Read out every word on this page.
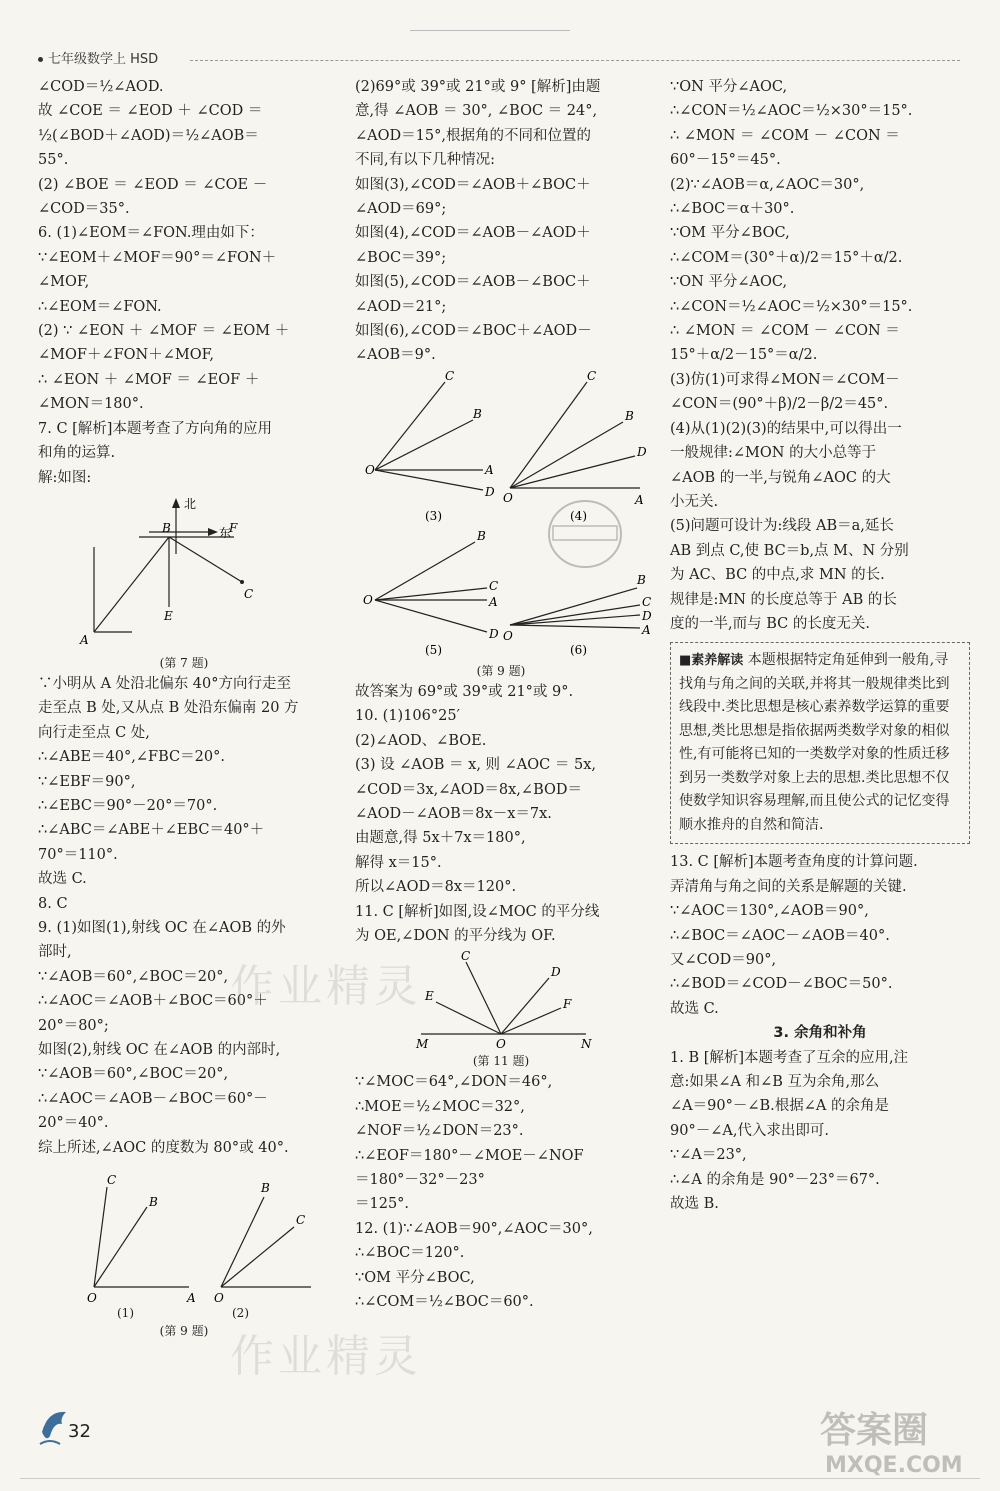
七年级数学上 HSD
∠COD＝½∠AOD.
故 ∠COE ＝ ∠EOD ＋ ∠COD ＝
½(∠BOD＋∠AOD)＝½∠AOB＝
55°.
(2) ∠BOE ＝ ∠EOD ＝ ∠COE －
∠COD＝35°.
6. (1)∠EOM＝∠FON.理由如下：
∵∠EOM＋∠MOF＝90°＝∠FON＋
∠MOF,
∴∠EOM＝∠FON.
(2) ∵ ∠EON ＋ ∠MOF ＝ ∠EOM ＋
∠MOF＋∠FON＋∠MOF,
∴ ∠EON ＋ ∠MOF ＝ ∠EOF ＋
∠MON＝180°.
7. C [解析]本题考查了方向角的应用
和角的运算.
解:如图:
北
东
A
B
C
E
F
(第 7 题)
∵小明从 A 处沿北偏东 40°方向行走至
走至点 B 处,又从点 B 处沿东偏南 20 方
向行走至点 C 处,
∴∠ABE＝40°,∠FBC＝20°.
∵∠EBF＝90°,
∴∠EBC＝90°－20°＝70°.
∴∠ABC＝∠ABE＋∠EBC＝40°＋
70°＝110°.
故选 C.
8. C
9. (1)如图(1),射线 OC 在∠AOB 的外
部时,
∵∠AOB＝60°,∠BOC＝20°,
∴∠AOC＝∠AOB＋∠BOC＝60°＋
20°＝80°;
如图(2),射线 OC 在∠AOB 的内部时,
∵∠AOB＝60°,∠BOC＝20°,
∴∠AOC＝∠AOB－∠BOC＝60°－
20°＝40°.
综上所述,∠AOC 的度数为 80°或 40°.
O	A
C
B
O
B
C
(1)	(2)
(第 9 题)
(2)69°或 39°或 21°或 9° [解析]由题
意,得 ∠AOB ＝ 30°, ∠BOC ＝ 24°,
∠AOD＝15°,根据角的不同和位置的
不同,有以下几种情况:
如图(3),∠COD＝∠AOB＋∠BOC＋
∠AOD＝69°;
如图(4),∠COD＝∠AOB－∠AOD＋
∠BOC＝39°;
如图(5),∠COD＝∠AOB－∠BOC＋
∠AOD＝21°;
如图(6),∠COD＝∠BOC＋∠AOD－
∠AOB＝9°.
O
C
B
A
D
(3)
O
C
B
D
A
(4)
O
B
C
A
D
(5)
O
B
C
D
A
(6)
(第 9 题)
故答案为 69°或 39°或 21°或 9°.
10. (1)106°25′
(2)∠AOD、∠BOE.
(3) 设 ∠AOB ＝ x, 则 ∠AOC ＝ 5x,
∠COD＝3x,∠AOD＝8x,∠BOD＝
∠AOD－∠AOB＝8x－x＝7x.
由题意,得 5x＋7x＝180°,
解得 x＝15°.
所以∠AOD＝8x＝120°.
11. C [解析]如图,设∠MOC 的平分线
为 OE,∠DON 的平分线为 OF.
M	O	N
C
E
D
F
(第 11 题)
∵∠MOC＝64°,∠DON＝46°,
∴MOE＝½∠MOC＝32°,
∠NOF＝½∠DON＝23°.
∴∠EOF＝180°－∠MOE－∠NOF
＝180°－32°－23°
＝125°.
12. (1)∵∠AOB＝90°,∠AOC＝30°,
∴∠BOC＝120°.
∵OM 平分∠BOC,
∴∠COM＝½∠BOC＝60°.
∵ON 平分∠AOC,
∴∠CON＝½∠AOC＝½×30°＝15°.
∴ ∠MON ＝ ∠COM － ∠CON ＝
60°－15°＝45°.
(2)∵∠AOB＝α,∠AOC＝30°,
∴∠BOC＝α＋30°.
∵OM 平分∠BOC,
∴∠COM＝(30°＋α)/2＝15°＋α/2.
∵ON 平分∠AOC,
∴∠CON＝½∠AOC＝½×30°＝15°.
∴ ∠MON ＝ ∠COM － ∠CON ＝
15°＋α/2－15°＝α/2.
(3)仿(1)可求得∠MON＝∠COM－
∠CON＝(90°＋β)/2－β/2＝45°.
(4)从(1)(2)(3)的结果中,可以得出一
一般规律:∠MON 的大小总等于
∠AOB 的一半,与锐角∠AOC 的大
小无关.
(5)问题可设计为:线段 AB＝a,延长
AB 到点 C,使 BC＝b,点 M、N 分别
为 AC、BC 的中点,求 MN 的长.
规律是:MN 的长度总等于 AB 的长
度的一半,而与 BC 的长度无关.
■素养解读 本题根据特定角延伸到一般角,寻找角与角之间的关联,并将其一般规律类比到线段中.类比思想是核心素养数学运算的重要思想,类比思想是指依据两类数学对象的相似性,有可能将已知的一类数学对象的性质迁移到另一类数学对象上去的思想.类比思想不仅使数学知识容易理解,而且使公式的记忆变得顺水推舟的自然和简洁.
13. C [解析]本题考查角度的计算问题.
弄清角与角之间的关系是解题的关键.
∵∠AOC＝130°,∠AOB＝90°,
∴∠BOC＝∠AOC－∠AOB＝40°.
又∠COD＝90°,
∴∠BOD＝∠COD－∠BOC＝50°.
故选 C.
3. 余角和补角
1. B [解析]本题考查了互余的应用,注
意:如果∠A 和∠B 互为余角,那么
∠A＝90°－∠B.根据∠A 的余角是
90°－∠A,代入求出即可.
∵∠A＝23°,
∴∠A 的余角是 90°－23°＝67°.
故选 B.
作业精灵
作业精灵
32	答案圈
MXQE.COM
